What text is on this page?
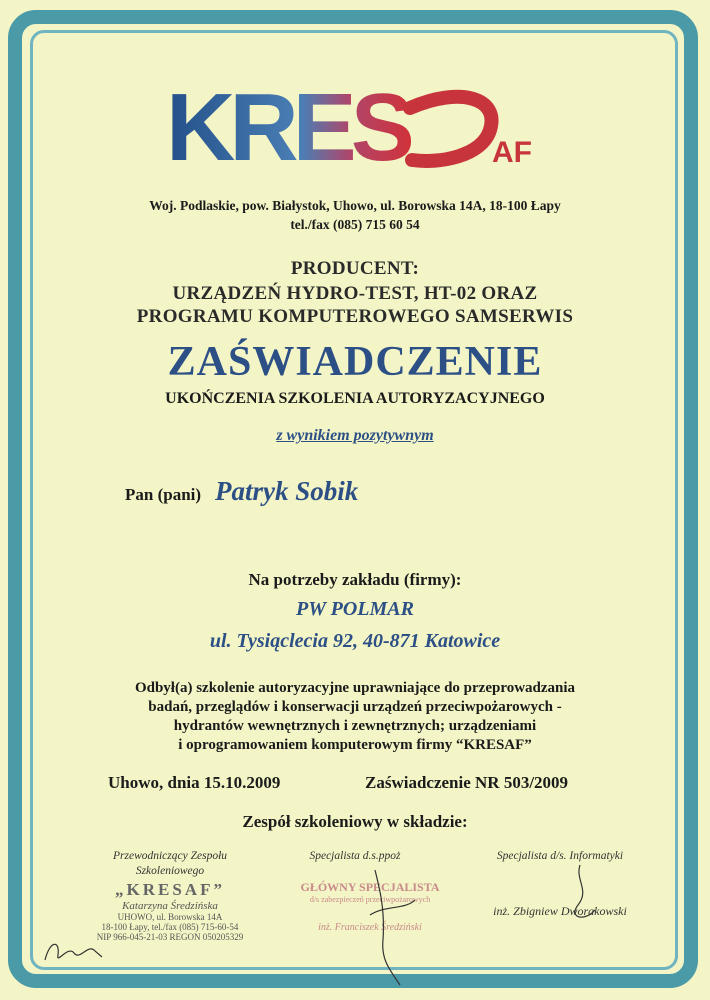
KRES	AF
Woj. Podlaskie, pow. Białystok, Uhowo, ul. Borowska 14A, 18-100 Łapy
tel./fax (085) 715 60 54
PRODUCENT:
URZĄDZEŃ HYDRO-TEST, HT-02 ORAZ
PROGRAMU KOMPUTEROWEGO SAMSERWIS
ZAŚWIADCZENIE
UKOŃCZENIA SZKOLENIA AUTORYZACYJNEGO
z wynikiem pozytywnym
Pan (pani) Patryk Sobik
Na potrzeby zakładu (firmy):
PW POLMAR
ul. Tysiąclecia 92, 40-871 Katowice
Odbył(a) szkolenie autoryzacyjne uprawniające do przeprowadzania
badań, przeglądów i konserwacji urządzeń przeciwpożarowych -
hydrantów wewnętrznych i zewnętrznych; urządzeniami
i oprogramowaniem komputerowym firmy “KRESAF”
Uhowo, dnia 15.10.2009	Zaświadczenie NR 503/2009
Zespół szkoleniowy w składzie:
Przewodniczący Zespołu
Szkoleniowego
„KRESAF”
Katarzyna Średzińska
UHOWO, ul. Borowska 14A
18-100 Łapy, tel./fax (085) 715-60-54
NIP 966-045-21-03 REGON 050205329
Specjalista d.s.ppoż
GŁÓWNY SPECJALISTA
d/s zabezpieczeń przeciwpożarowych
inż. Franciszek Średziński
Specjalista d/s. Informatyki
inż. Zbigniew Dworakowski
